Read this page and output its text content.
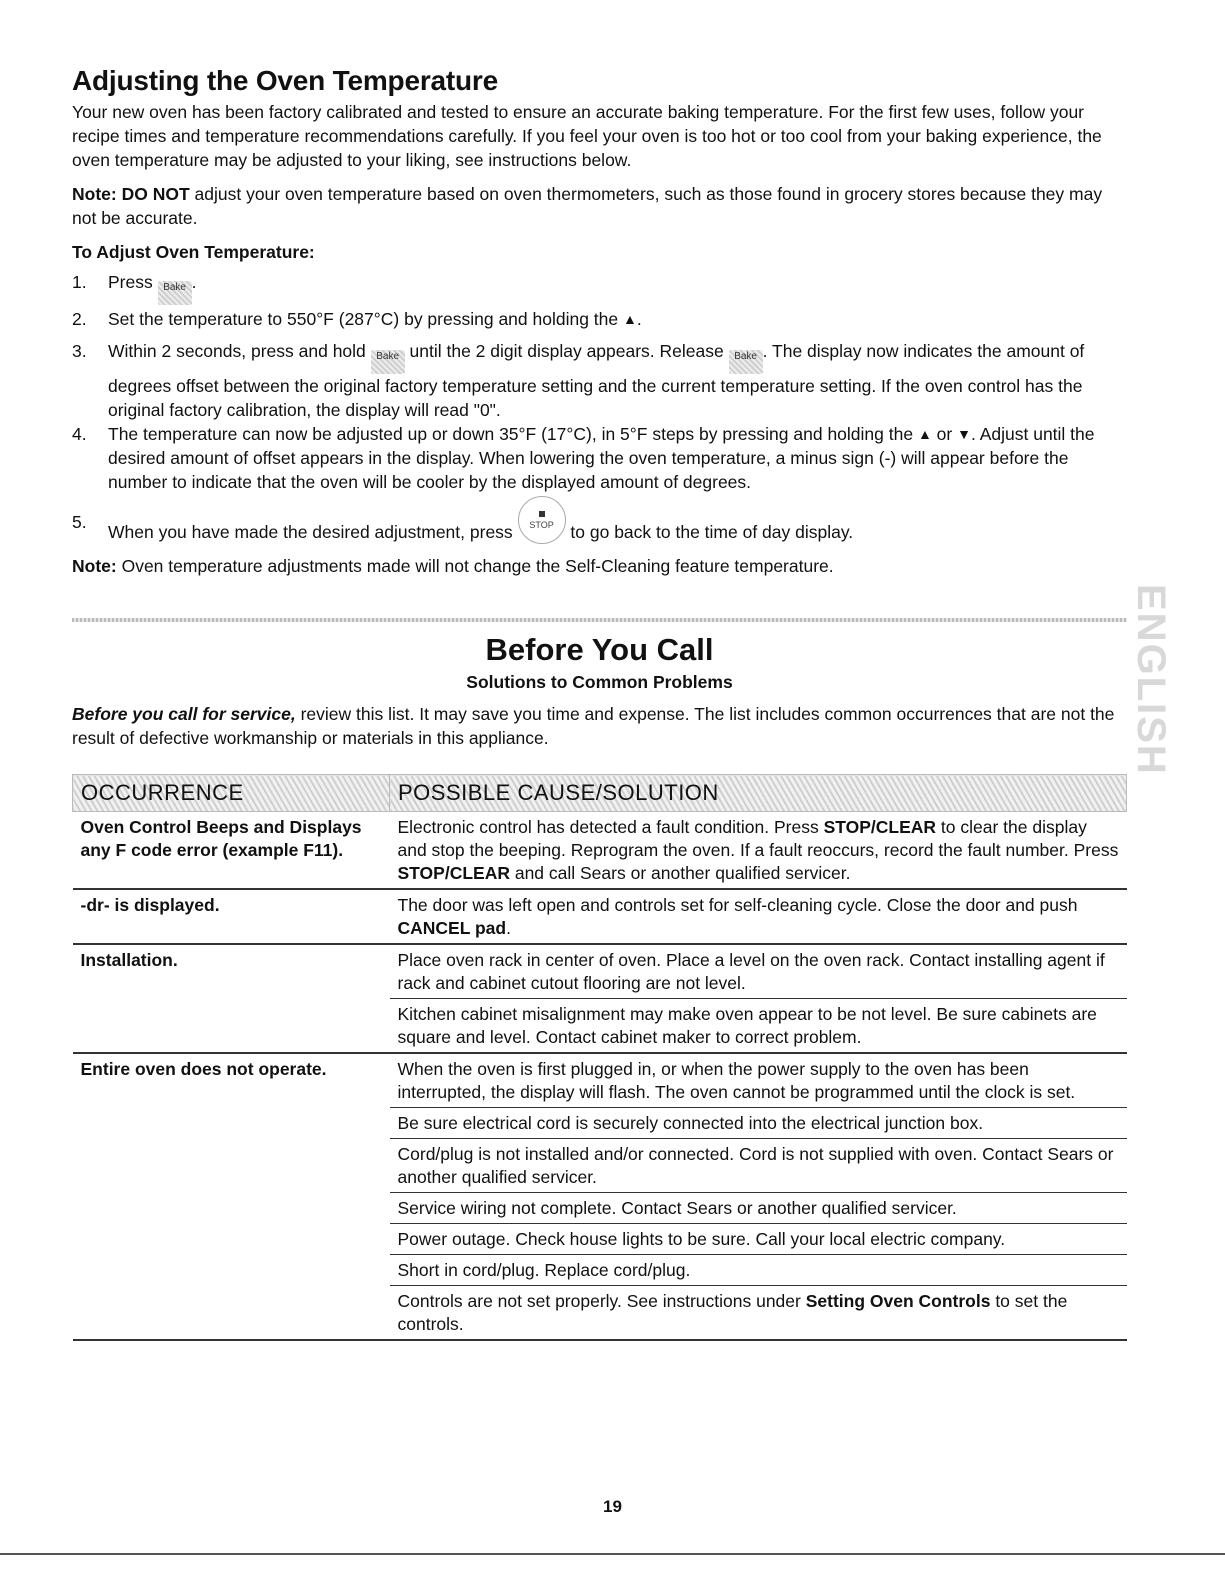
Adjusting the Oven Temperature

Your new oven has been factory calibrated and tested to ensure an accurate baking temperature. For the first few uses, follow your recipe times and temperature recommendations carefully. If you feel your oven is too hot or too cool from your baking experience, the oven temperature may be adjusted to your liking, see instructions below.

Note: DO NOT adjust your oven temperature based on oven thermometers, such as those found in grocery stores because they may not be accurate.

To Adjust Oven Temperature:
1. Press Bake .
2. Set the temperature to 550°F (287°C) by pressing and holding the ▲.
3. Within 2 seconds, press and hold Bake until the 2 digit display appears. Release Bake . The display now indicates the amount of degrees offset between the original factory temperature setting and the current temperature setting. If the oven control has the original factory calibration, the display will read "0".
4. The temperature can now be adjusted up or down 35°F (17°C), in 5°F steps by pressing and holding the ▲ or ▼. Adjust until the desired amount of offset appears in the display. When lowering the oven temperature, a minus sign (-) will appear before the number to indicate that the oven will be cooler by the displayed amount of degrees.
5. When you have made the desired adjustment, press
STOP to go back to the time of day display.

Note: Oven temperature adjustments made will not change the Self-Cleaning feature temperature.

Before You Call
Solutions to Common Problems

Before you call for service, review this list. It may save you time and expense. The list includes common occurrences that are not the result of defective workmanship or materials in this appliance.

OCCURRENCE	POSSIBLE CAUSE/SOLUTION
Oven Control Beeps and Displays any F code error (example F11).	Electronic control has detected a fault condition. Press STOP/CLEAR to clear the display and stop the beeping. Reprogram the oven. If a fault reoccurs, record the fault number. Press STOP/CLEAR and call Sears or another qualified servicer.
-dr- is displayed.	The door was left open and controls set for self-cleaning cycle. Close the door and push CANCEL pad.
Installation.	Place oven rack in center of oven. Place a level on the oven rack. Contact installing agent if rack and cabinet cutout flooring are not level.
	Kitchen cabinet misalignment may make oven appear to be not level. Be sure cabinets are square and level. Contact cabinet maker to correct problem.
Entire oven does not operate.	When the oven is first plugged in, or when the power supply to the oven has been interrupted, the display will flash. The oven cannot be programmed until the clock is set.
	Be sure electrical cord is securely connected into the electrical junction box.
	Cord/plug is not installed and/or connected. Cord is not supplied with oven. Contact Sears or another qualified servicer.
	Service wiring not complete. Contact Sears or another qualified servicer.
	Power outage. Check house lights to be sure. Call your local electric company.
	Short in cord/plug. Replace cord/plug.
	Controls are not set properly. See instructions under Setting Oven Controls to set the controls.
ENGLISH
19
